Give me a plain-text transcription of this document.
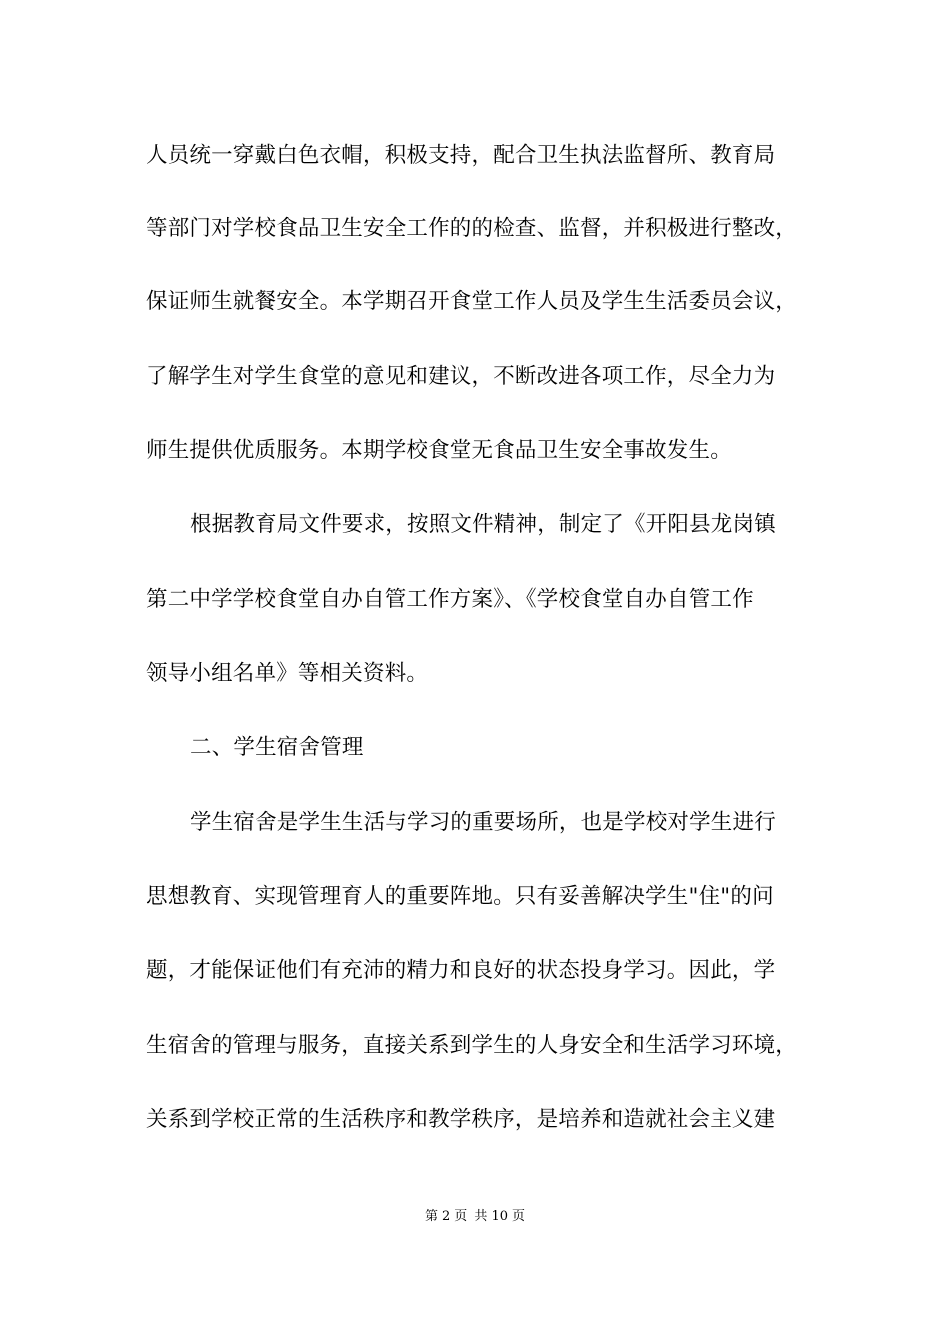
人员统一穿戴白色衣帽，积极支持，配合卫生执法监督所、教育局
等部门对学校食品卫生安全工作的的检查、监督，并积极进行整改，
保证师生就餐安全。本学期召开食堂工作人员及学生生活委员会议，
了解学生对学生食堂的意见和建议，不断改进各项工作，尽全力为
师生提供优质服务。本期学校食堂无食品卫生安全事故发生。
根据教育局文件要求，按照文件精神，制定了《开阳县龙岗镇
第二中学学校食堂自办自管工作方案》、《学校食堂自办自管工作
领导小组名单》等相关资料。
二、学生宿舍管理
学生宿舍是学生生活与学习的重要场所，也是学校对学生进行
思想教育、实现管理育人的重要阵地。只有妥善解决学生"住"的问
题，才能保证他们有充沛的精力和良好的状态投身学习。因此，学
生宿舍的管理与服务，直接关系到学生的人身安全和生活学习环境，
关系到学校正常的生活秩序和教学秩序，是培养和造就社会主义建
第 2 页 共 10 页
